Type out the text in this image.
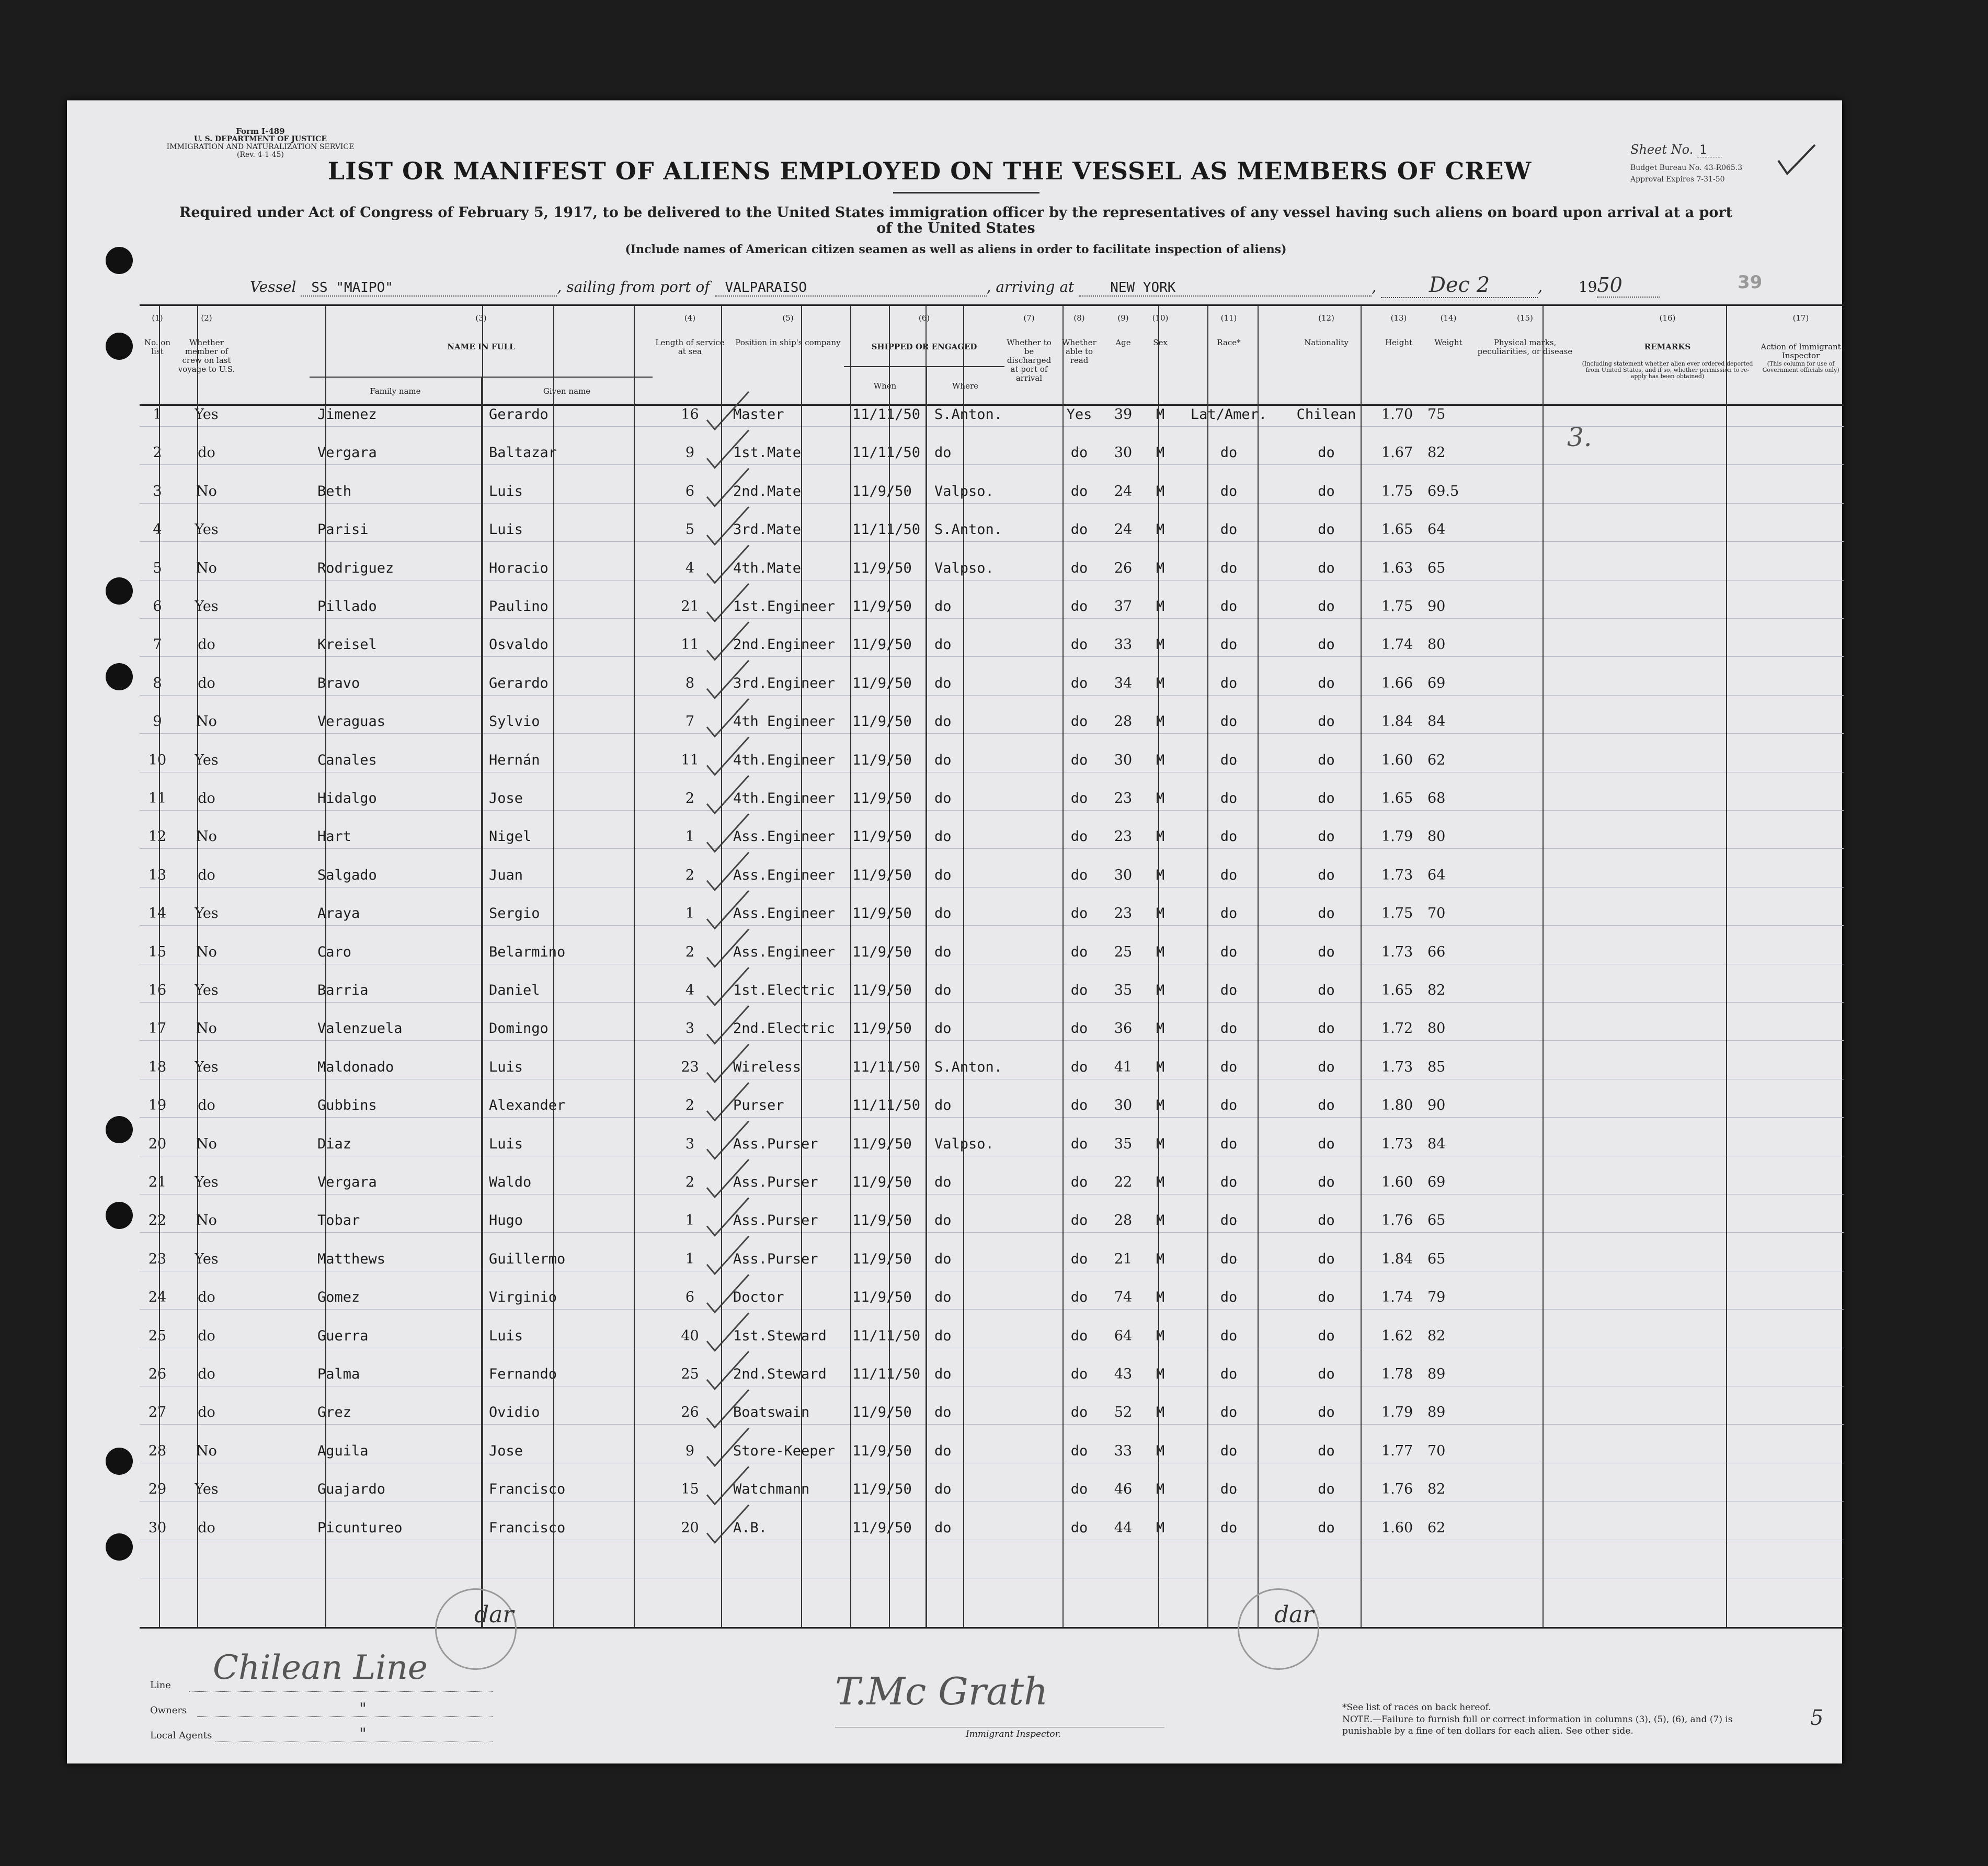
Form I-489
U. S. DEPARTMENT OF JUSTICE
IMMIGRATION AND NATURALIZATION SERVICE
(Rev. 4-1-45)	Sheet No. 1
Budget Bureau No. 43-R065.3
Approval Expires 7-31-50
LIST OR MANIFEST OF ALIENS EMPLOYED ON THE VESSEL AS MEMBERS OF CREW
Required under Act of Congress of February 5, 1917, to be delivered to the United States immigration officer by the representatives of any vessel having such aliens on board upon arrival at a port of the United States
(Include names of American citizen seamen as well as aliens in order to facilitate inspection of aliens)
Vessel SS "MAIPO"	, sailing from port of VALPARAISO	, arriving at	NEW YORK	, Dec 2	, 1950	39
(1)
No. on list
(2)
Whether member of crew on last voyage to U.S.
(4)
Length of service at sea
(5)
Position in ship's company
(7)
Whether to be discharged at port of arrival
(8)
Whether able to read
(9)
Age
(10)
Sex
(11)
Race*
(12)
Nationality
(13)
Height
(14)
Weight
(15)
Physical marks, peculiarities, or disease
(16)
REMARKS
(Including statement whether alien ever ordered deported from United States, and if so, whether permission to re-apply has been obtained)
(17)
Action of Immigrant Inspector
(This column for use of Government officials only)
(3)
NAME IN FULL
Family name	Given name
(6)
SHIPPED OR ENGAGED
When	Where
1	Yes	Jimenez	Gerardo	16	Master	11/11/50 S.Anton.	Yes	39	M	Lat/Amer.	Chilean	1.70	75
2	do	Vergara	Baltazar	9	1st.Mate	11/11/50 do	do	30	M	do	do	1.67	82
3	No	Beth	Luis	6	2nd.Mate	11/9/50	Valpso.	do	24	M	do	do	1.75	69.5
4	Yes	Parisi	Luis	5	3rd.Mate	11/11/50 S.Anton.	do	24	M	do	do	1.65	64
5	No	Rodriguez	Horacio	4	4th.Mate	11/9/50	Valpso.	do	26	M	do	do	1.63	65
6	Yes	Pillado	Paulino	21	1st.Engineer	11/9/50	do	do	37	M	do	do	1.75	90
7	do	Kreisel	Osvaldo	11	2nd.Engineer	11/9/50	do	do	33	M	do	do	1.74	80
8	do	Bravo	Gerardo	8	3rd.Engineer	11/9/50	do	do	34	M	do	do	1.66	69
9	No	Veraguas	Sylvio	7	4th Engineer	11/9/50	do	do	28	M	do	do	1.84	84
10	Yes	Canales	Hernán	11	4th.Engineer	11/9/50	do	do	30	M	do	do	1.60	62
11	do	Hidalgo	Jose	2	4th.Engineer	11/9/50	do	do	23	M	do	do	1.65	68
12	No	Hart	Nigel	1	Ass.Engineer	11/9/50	do	do	23	M	do	do	1.79	80
13	do	Salgado	Juan	2	Ass.Engineer	11/9/50	do	do	30	M	do	do	1.73	64
14	Yes	Araya	Sergio	1	Ass.Engineer	11/9/50	do	do	23	M	do	do	1.75	70
15	No	Caro	Belarmino	2	Ass.Engineer	11/9/50	do	do	25	M	do	do	1.73	66
16	Yes	Barria	Daniel	4	1st.Electric	11/9/50	do	do	35	M	do	do	1.65	82
17	No	Valenzuela	Domingo	3	2nd.Electric	11/9/50	do	do	36	M	do	do	1.72	80
18	Yes	Maldonado	Luis	23	Wireless	11/11/50 S.Anton.	do	41	M	do	do	1.73	85
19	do	Gubbins	Alexander	2	Purser	11/11/50 do	do	30	M	do	do	1.80	90
20	No	Diaz	Luis	3	Ass.Purser	11/9/50	Valpso.	do	35	M	do	do	1.73	84
21	Yes	Vergara	Waldo	2	Ass.Purser	11/9/50	do	do	22	M	do	do	1.60	69
22	No	Tobar	Hugo	1	Ass.Purser	11/9/50	do	do	28	M	do	do	1.76	65
23	Yes	Matthews	Guillermo	1	Ass.Purser	11/9/50	do	do	21	M	do	do	1.84	65
24	do	Gomez	Virginio	6	Doctor	11/9/50	do	do	74	M	do	do	1.74	79
25	do	Guerra	Luis	40	1st.Steward	11/11/50 do	do	64	M	do	do	1.62	82
26	do	Palma	Fernando	25	2nd.Steward	11/11/50 do	do	43	M	do	do	1.78	89
27	do	Grez	Ovidio	26	Boatswain	11/9/50	do	do	52	M	do	do	1.79	89
28	No	Aguila	Jose	9	Store-Keeper	11/9/50	do	do	33	M	do	do	1.77	70
29	Yes	Guajardo	Francisco	15	Watchmann	11/9/50	do	do	46	M	do	do	1.76	82
30	do	Picuntureo	Francisco	20	A.B.	11/9/50	do	do	44	M	do	do	1.60	62
3.
Line Chilean Line
Owners	"
Local Agents	"
dar	dar
T.Mc Grath
Immigrant Inspector.
*See list of races on back hereof.
NOTE.—Failure to furnish full or correct information in columns (3), (5), (6), and (7) is punishable by a fine of ten dollars for each alien. See other side.
5
